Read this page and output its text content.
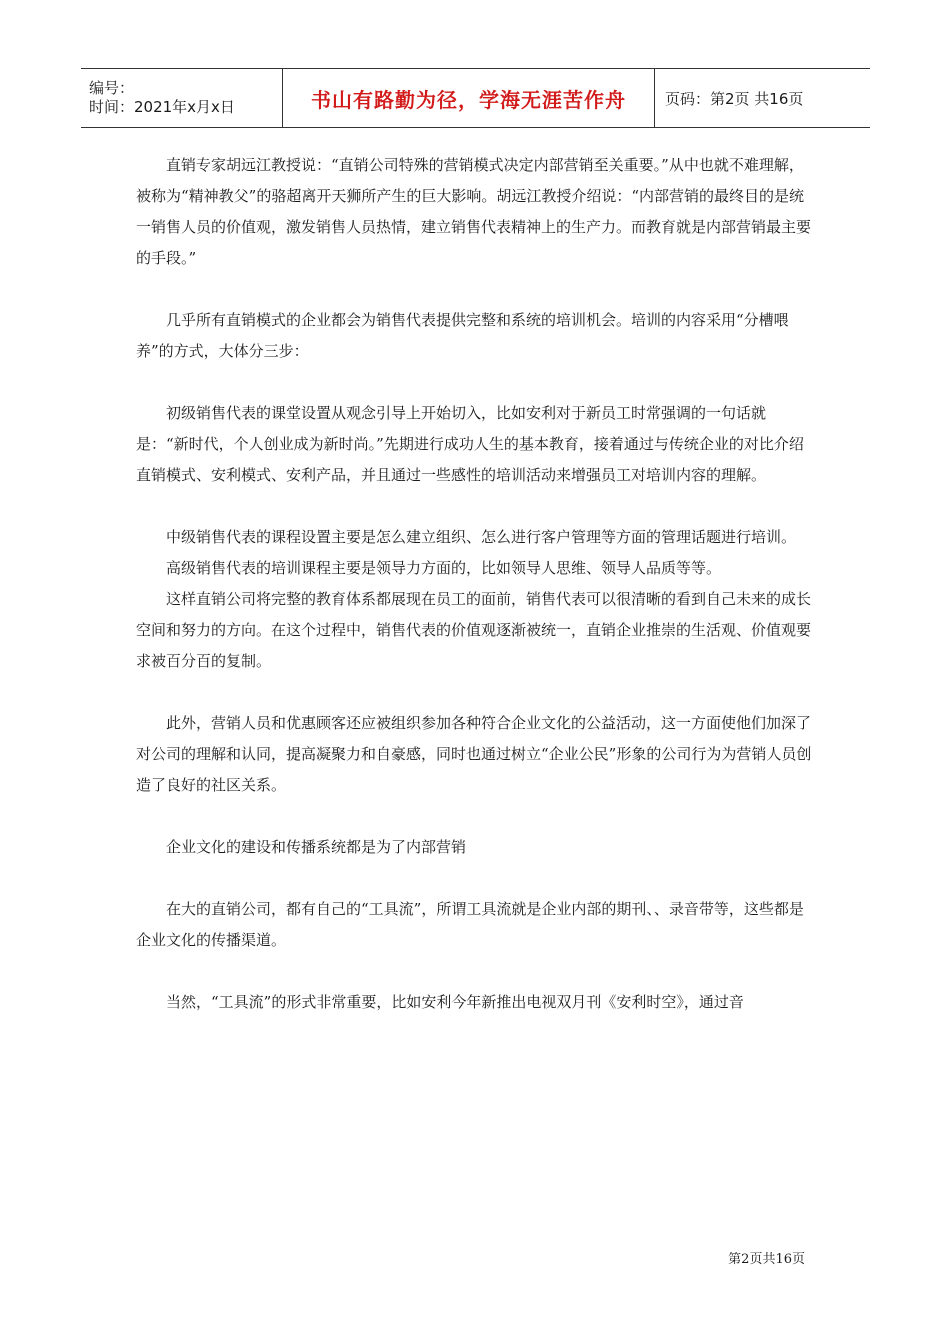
编号：
时间：2021年x月x日	书山有路勤为径，学海无涯苦作舟	页码：第2页 共16页

直销专家胡远江教授说：“直销公司特殊的营销模式决定内部营销至关重要。”从中也就不难理解，被称为“精神教父”的骆超离开天狮所产生的巨大影响。胡远江教授介绍说：“内部营销的最终目的是统一销售人员的价值观，激发销售人员热情，建立销售代表精神上的生产力。而教育就是内部营销最主要的手段。”

几乎所有直销模式的企业都会为销售代表提供完整和系统的培训机会。培训的内容采用“分槽喂养”的方式，大体分三步：

初级销售代表的课堂设置从观念引导上开始切入，比如安利对于新员工时常强调的一句话就是：“新时代，个人创业成为新时尚。”先期进行成功人生的基本教育，接着通过与传统企业的对比介绍直销模式、安利模式、安利产品，并且通过一些感性的培训活动来增强员工对培训内容的理解。

中级销售代表的课程设置主要是怎么建立组织、怎么进行客户管理等方面的管理话题进行培训。

高级销售代表的培训课程主要是领导力方面的，比如领导人思维、领导人品质等等。

这样直销公司将完整的教育体系都展现在员工的面前，销售代表可以很清晰的看到自己未来的成长空间和努力的方向。在这个过程中，销售代表的价值观逐渐被统一，直销企业推崇的生活观、价值观要求被百分百的复制。

此外，营销人员和优惠顾客还应被组织参加各种符合企业文化的公益活动，这一方面使他们加深了对公司的理解和认同，提高凝聚力和自豪感，同时也通过树立“企业公民”形象的公司行为为营销人员创造了良好的社区关系。

企业文化的建设和传播系统都是为了内部营销

在大的直销公司，都有自己的“工具流”，所谓工具流就是企业内部的期刊、、录音带等，这些都是企业文化的传播渠道。

当然，“工具流”的形式非常重要，比如安利今年新推出电视双月刊《安利时空》，通过音

第2页共16页
